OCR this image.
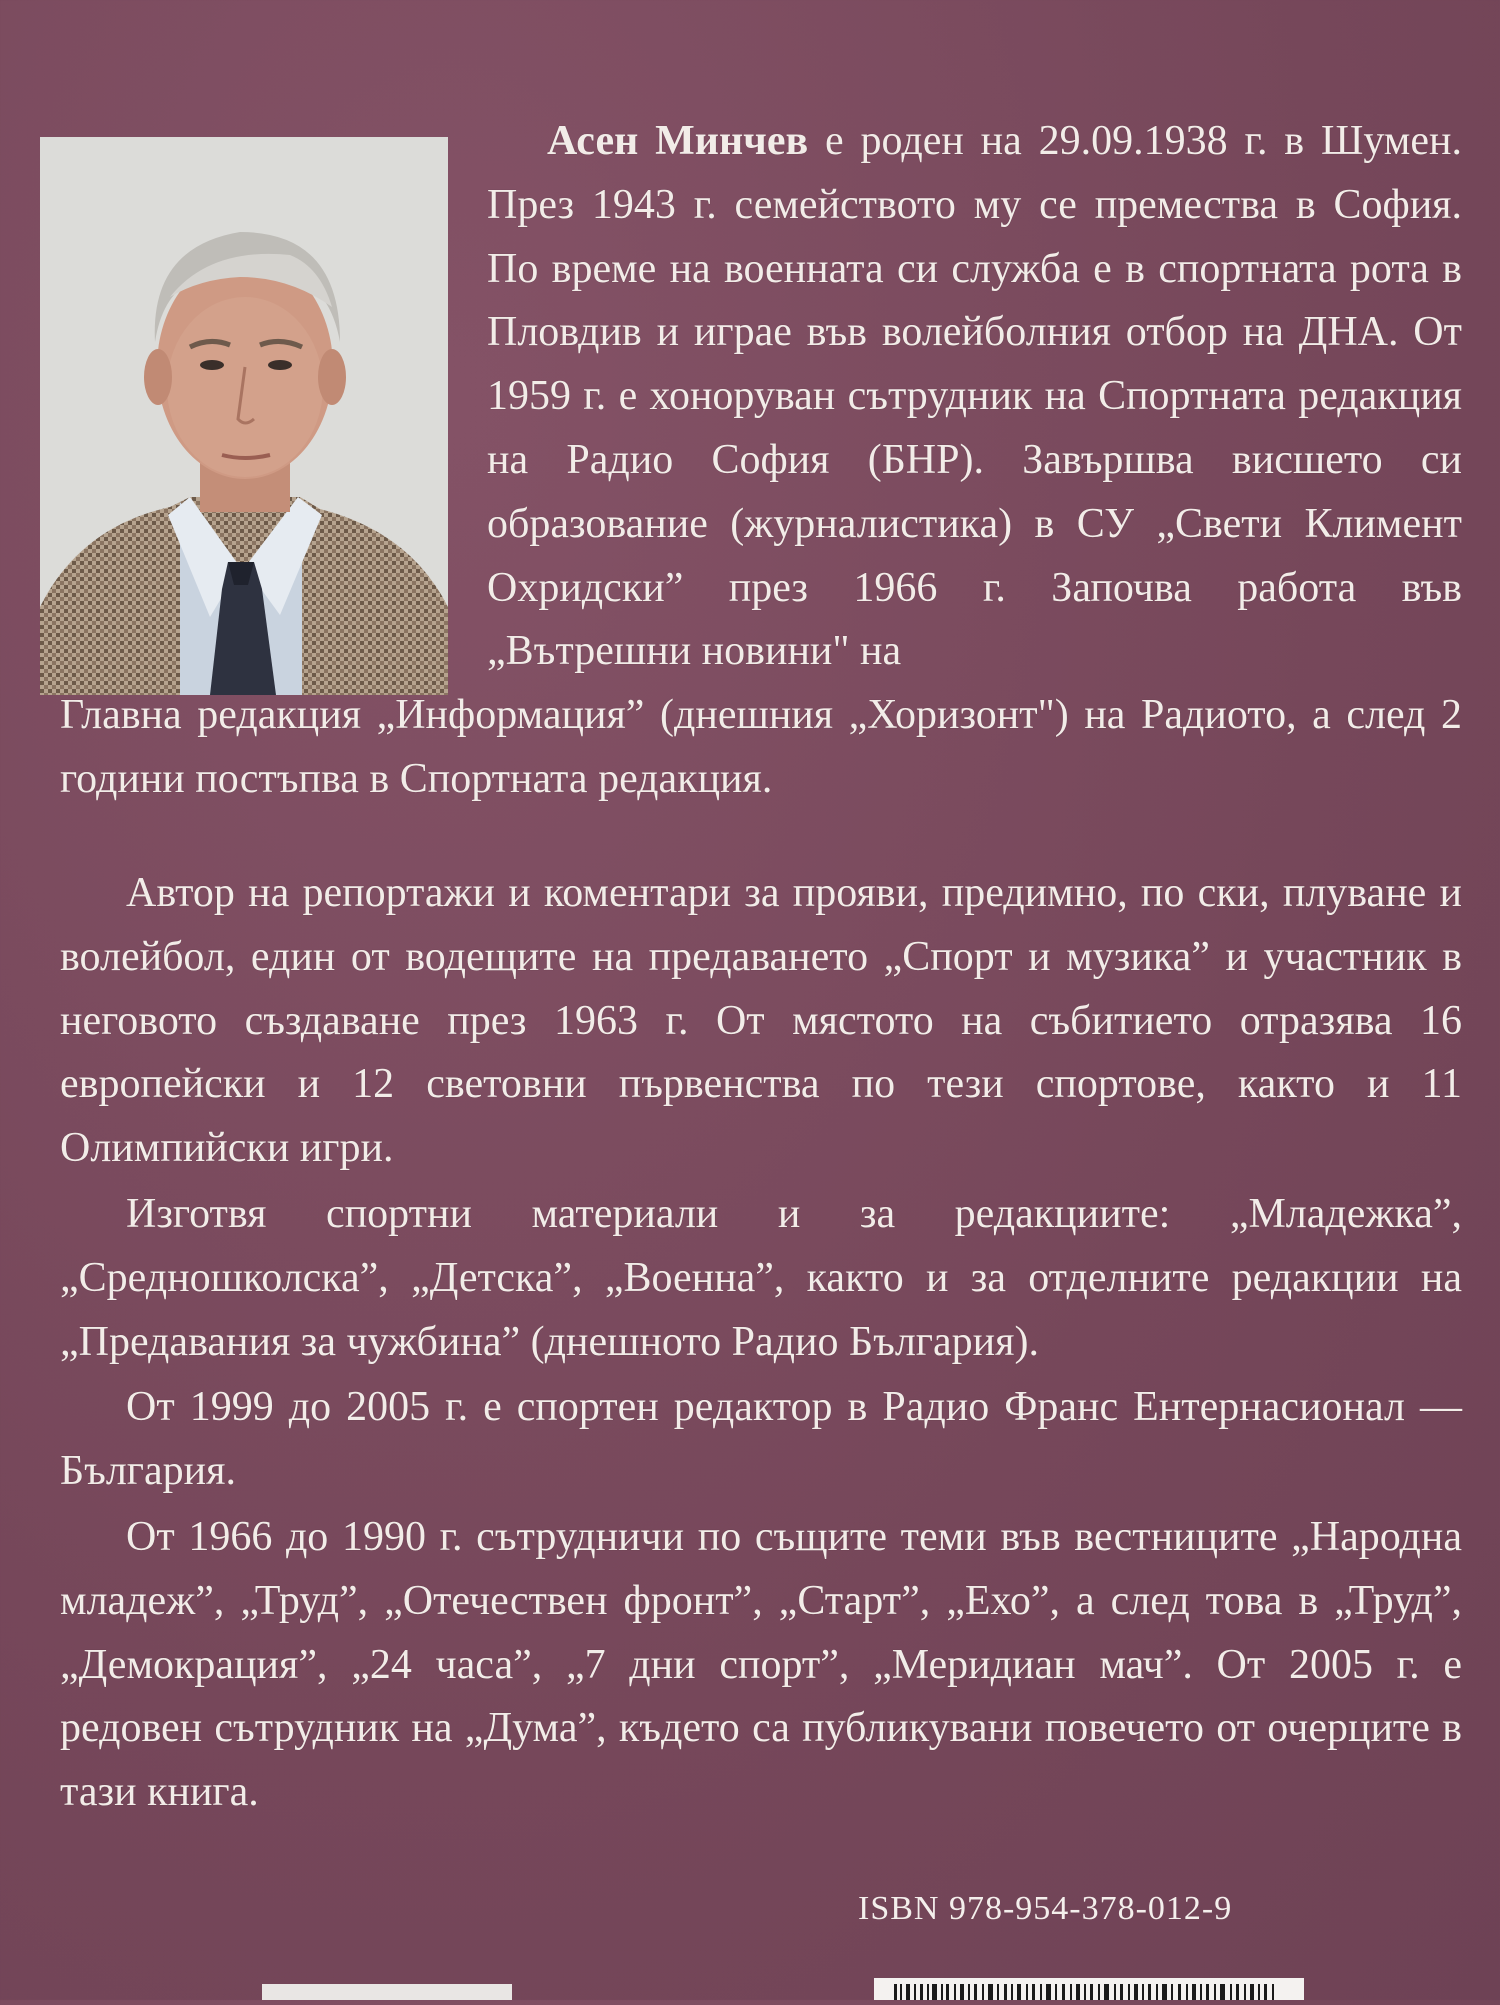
Асен Минчев е роден на 29.09.1938 г. в Шумен. През 1943 г. семейството му се премества в София. По време на военната си служба е в спортната рота в Пловдив и играе във волейболния отбор на ДНА. От 1959 г. е хоноруван сътрудник на Спортната редакция на Радио София (БНР). Завършва висшето си образование (журналистика) в СУ „Свети Климент Охридски” през 1966 г. Започва работа във „Вътрешни новини" на

Главна редакция „Информация” (днешния „Хоризонт") на Радиото, а след 2 години постъпва в Спортната редакция.

Автор на репортажи и коментари за прояви, предимно, по ски, плуване и волейбол, един от водещите на предаването „Спорт и музика” и участник в неговото създаване през 1963 г. От мястото на събитието отразява 16 европейски и 12 световни първенства по тези спортове, както и 11 Олимпийски игри.

Изготвя спортни материали и за редакциите: „Младежка”, „Средношколска”, „Детска”, „Военна”, както и за отделните редакции на „Предавания за чужбина” (днешното Радио България).

От 1999 до 2005 г. е спортен редактор в Радио Франс Ентернасионал — България.

От 1966 до 1990 г. сътрудничи по същите теми във вестниците „Народна младеж”, „Труд”, „Отечествен фронт”, „Старт”, „Ехо”, а след това в „Труд”, „Демокрация”, „24 часа”, „7 дни спорт”, „Меридиан мач”. От 2005 г. е редовен сътрудник на „Дума”, където са публикувани повечето от очерците в тази книга.

ISBN 978-954-378-012-9
